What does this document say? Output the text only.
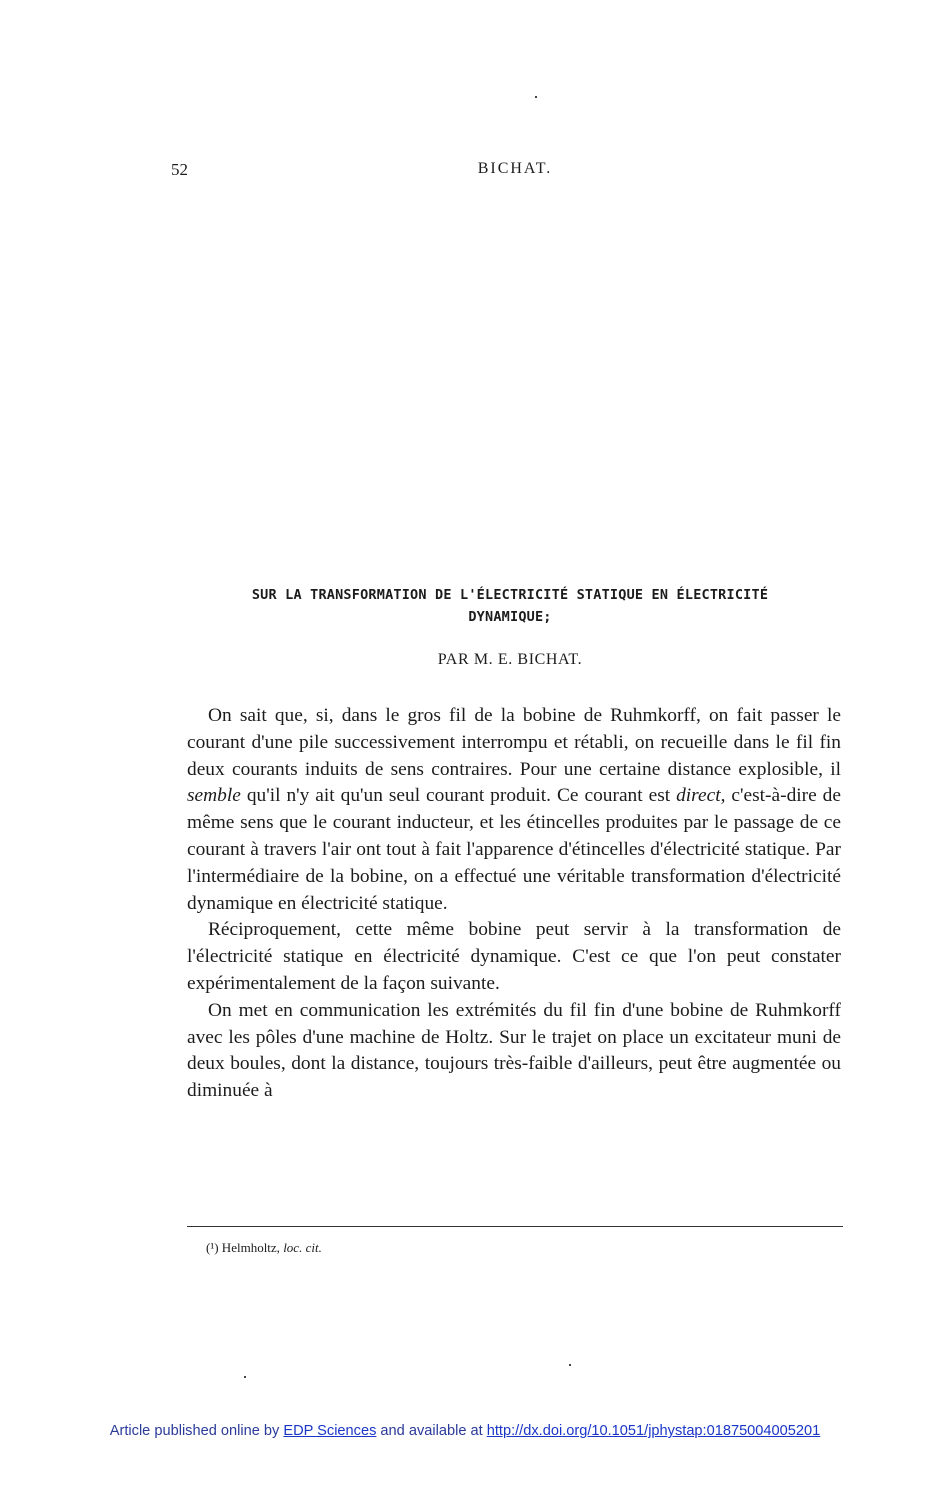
52	BICHAT.
SUR LA TRANSFORMATION DE L'ÉLECTRICITÉ STATIQUE EN ÉLECTRICITÉ
DYNAMIQUE;
PAR M. E. BICHAT.

On sait que, si, dans le gros fil de la bobine de Ruhmkorff, on fait passer le courant d'une pile successivement interrompu et rétabli, on recueille dans le fil fin deux courants induits de sens contraires. Pour une certaine distance explosible, il semble qu'il n'y ait qu'un seul courant produit. Ce courant est direct, c'est-à-dire de même sens que le courant inducteur, et les étincelles produites par le passage de ce courant à travers l'air ont tout à fait l'apparence d'étincelles d'électricité statique. Par l'intermédiaire de la bobine, on a effectué une véritable transformation d'électricité dynamique en électricité statique.

Réciproquement, cette même bobine peut servir à la transformation de l'électricité statique en électricité dynamique. C'est ce que l'on peut constater expérimentalement de la façon suivante.

On met en communication les extrémités du fil fin d'une bobine de Ruhmkorff avec les pôles d'une machine de Holtz. Sur le trajet on place un excitateur muni de deux boules, dont la distance, toujours très-faible d'ailleurs, peut être augmentée ou diminuée à

(¹) Helmholtz, loc. cit.
Article published online by EDP Sciences and available at http://dx.doi.org/10.1051/jphystap:01875004005201
